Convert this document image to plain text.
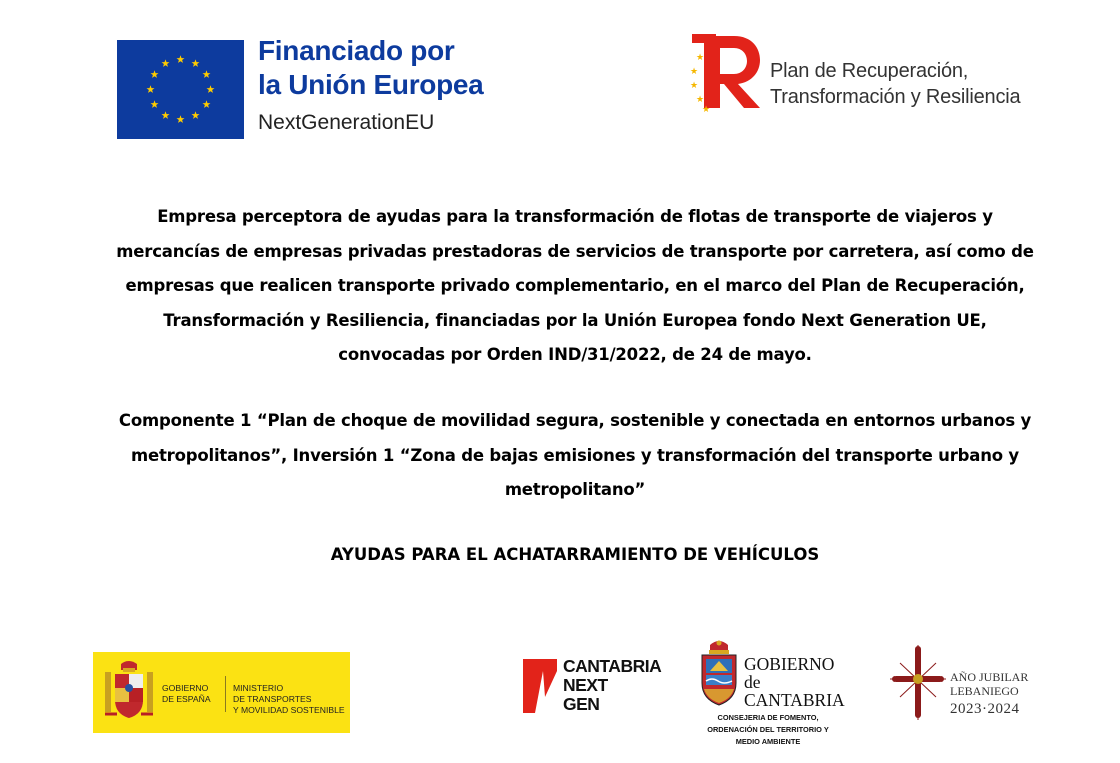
Financiado por
la Unión Europea
NextGenerationEU
★
★
★
★
★
Plan de Recuperación,
Transformación y Resiliencia
Empresa perceptora de ayudas para la transformación de flotas de transporte de viajeros y
mercancías de empresas privadas prestadoras de servicios de transporte por carretera, así como de
empresas que realicen transporte privado complementario, en el marco del Plan de Recuperación,
Transformación y Resiliencia, financiadas por la Unión Europea fondo Next Generation UE,
convocadas por Orden IND/31/2022, de 24 de mayo.
Componente 1 “Plan de choque de movilidad segura, sostenible y conectada en entornos urbanos y
metropolitanos”, Inversión 1 “Zona de bajas emisiones y transformación del transporte urbano y
metropolitano”
AYUDAS PARA EL ACHATARRAMIENTO DE VEHÍCULOS
GOBIERNO
DE ESPAÑA
MINISTERIO
DE TRANSPORTES
Y MOVILIDAD SOSTENIBLE
CANTABRIA
NEXT
GEN
GOBIERNO
de
CANTABRIA
CONSEJERIA DE FOMENTO,
ORDENACIÓN DEL TERRITORIO Y
MEDIO AMBIENTE
AÑO JUBILAR
LEBANIEGO
2023·2024
